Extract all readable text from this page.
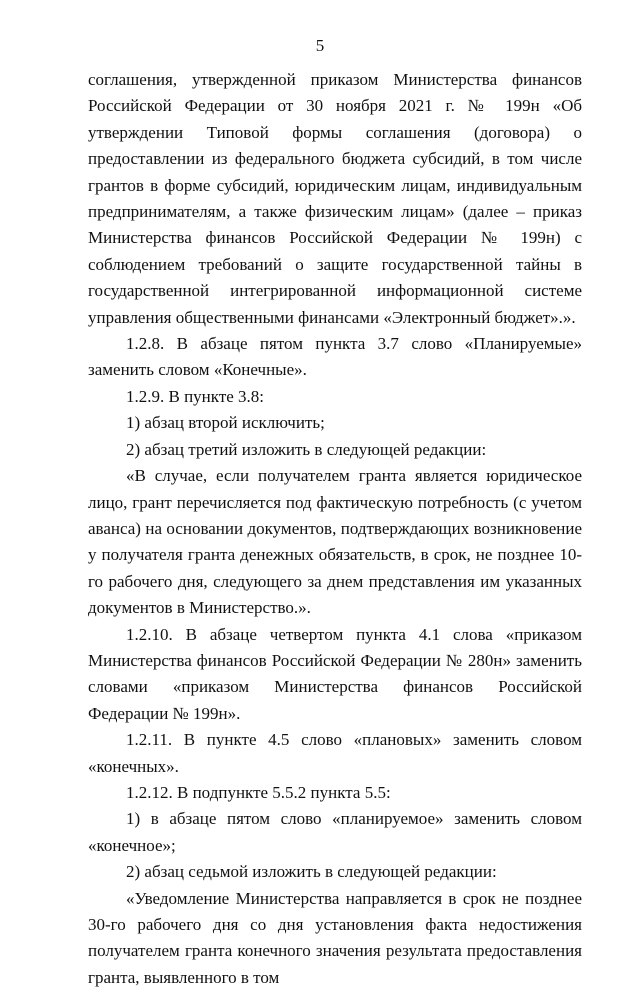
5

соглашения, утвержденной приказом Министерства финансов Российской Федерации от 30 ноября 2021 г. № 199н «Об утверждении Типовой формы соглашения (договора) о предоставлении из федерального бюджета субсидий, в том числе грантов в форме субсидий, юридическим лицам, индивидуальным предпринимателям, а также физическим лицам» (далее – приказ Министерства финансов Российской Федерации № 199н) с соблюдением требований о защите государственной тайны в государственной интегрированной информационной системе управления общественными финансами «Электронный бюджет».».

1.2.8. В абзаце пятом пункта 3.7 слово «Планируемые» заменить словом «Конечные».

1.2.9. В пункте 3.8:

1) абзац второй исключить;

2) абзац третий изложить в следующей редакции:

«В случае, если получателем гранта является юридическое лицо, грант перечисляется под фактическую потребность (с учетом аванса) на основании документов, подтверждающих возникновение у получателя гранта денежных обязательств, в срок, не позднее 10-го рабочего дня, следующего за днем представления им указанных документов в Министерство.».

1.2.10. В абзаце четвертом пункта 4.1 слова «приказом Министерства финансов Российской Федерации № 280н» заменить словами «приказом Министерства финансов Российской Федерации № 199н».

1.2.11. В пункте 4.5 слово «плановых» заменить словом «конечных».

1.2.12. В подпункте 5.5.2 пункта 5.5:

1) в абзаце пятом слово «планируемое» заменить словом «конечное»;

2) абзац седьмой изложить в следующей редакции:

«Уведомление Министерства направляется в срок не позднее 30-го рабочего дня со дня установления факта недостижения получателем гранта конечного значения результата предоставления гранта, выявленного в том
